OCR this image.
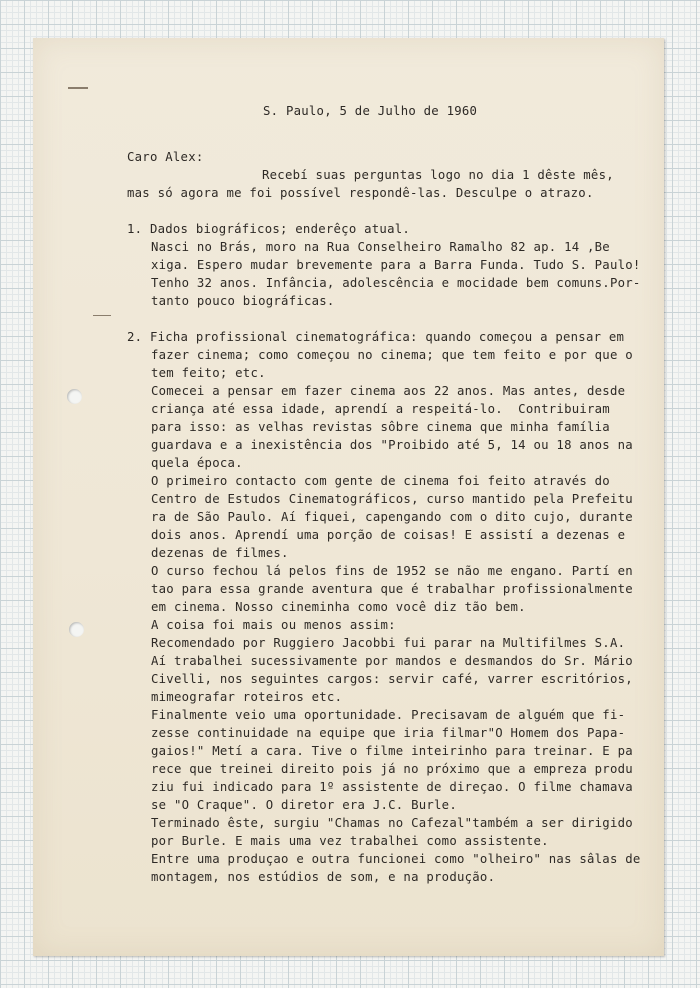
S. Paulo, 5 de Julho de 1960
Caro Alex:
Recebí suas perguntas logo no dia 1 dêste mês,
mas só agora me foi possível respondê-las. Desculpe o atrazo.
1. Dados biográficos; enderêço atual.
Nasci no Brás, moro na Rua Conselheiro Ramalho 82 ap. 14 ,Be
xiga. Espero mudar brevemente para a Barra Funda. Tudo S. Paulo!
Tenho 32 anos. Infância, adolescência e mocidade bem comuns.Por-
tanto pouco biográficas.
2. Ficha profissional cinematográfica: quando começou a pensar em
fazer cinema; como começou no cinema; que tem feito e por que o
tem feito; etc.
Comecei a pensar em fazer cinema aos 22 anos. Mas antes, desde
criança até essa idade, aprendí a respeitá-lo.  Contribuiram
para isso: as velhas revistas sôbre cinema que minha família
guardava e a inexistência dos "Proibido até 5, 14 ou 18 anos na
quela época.
O primeiro contacto com gente de cinema foi feito através do
Centro de Estudos Cinematográficos, curso mantido pela Prefeitu
ra de São Paulo. Aí fiquei, capengando com o dito cujo, durante
dois anos. Aprendí uma porção de coisas! E assistí a dezenas e
dezenas de filmes.
O curso fechou lá pelos fins de 1952 se não me engano. Partí en
tao para essa grande aventura que é trabalhar profissionalmente
em cinema. Nosso cineminha como você diz tão bem.
A coisa foi mais ou menos assim:
Recomendado por Ruggiero Jacobbi fui parar na Multifilmes S.A.
Aí trabalhei sucessivamente por mandos e desmandos do Sr. Mário
Civelli, nos seguintes cargos: servir café, varrer escritórios,
mimeografar roteiros etc.
Finalmente veio uma oportunidade. Precisavam de alguém que fi-
zesse continuidade na equipe que iria filmar"O Homem dos Papa-
gaios!" Metí a cara. Tive o filme inteirinho para treinar. E pa
rece que treinei direito pois já no próximo que a empreza produ
ziu fui indicado para 1º assistente de direçao. O filme chamava
se "O Craque". O diretor era J.C. Burle.
Terminado êste, surgiu "Chamas no Cafezal"também a ser dirigido
por Burle. E mais uma vez trabalhei como assistente.
Entre uma produçao e outra funcionei como "olheiro" nas sâlas de
montagem, nos estúdios de som, e na produção.
